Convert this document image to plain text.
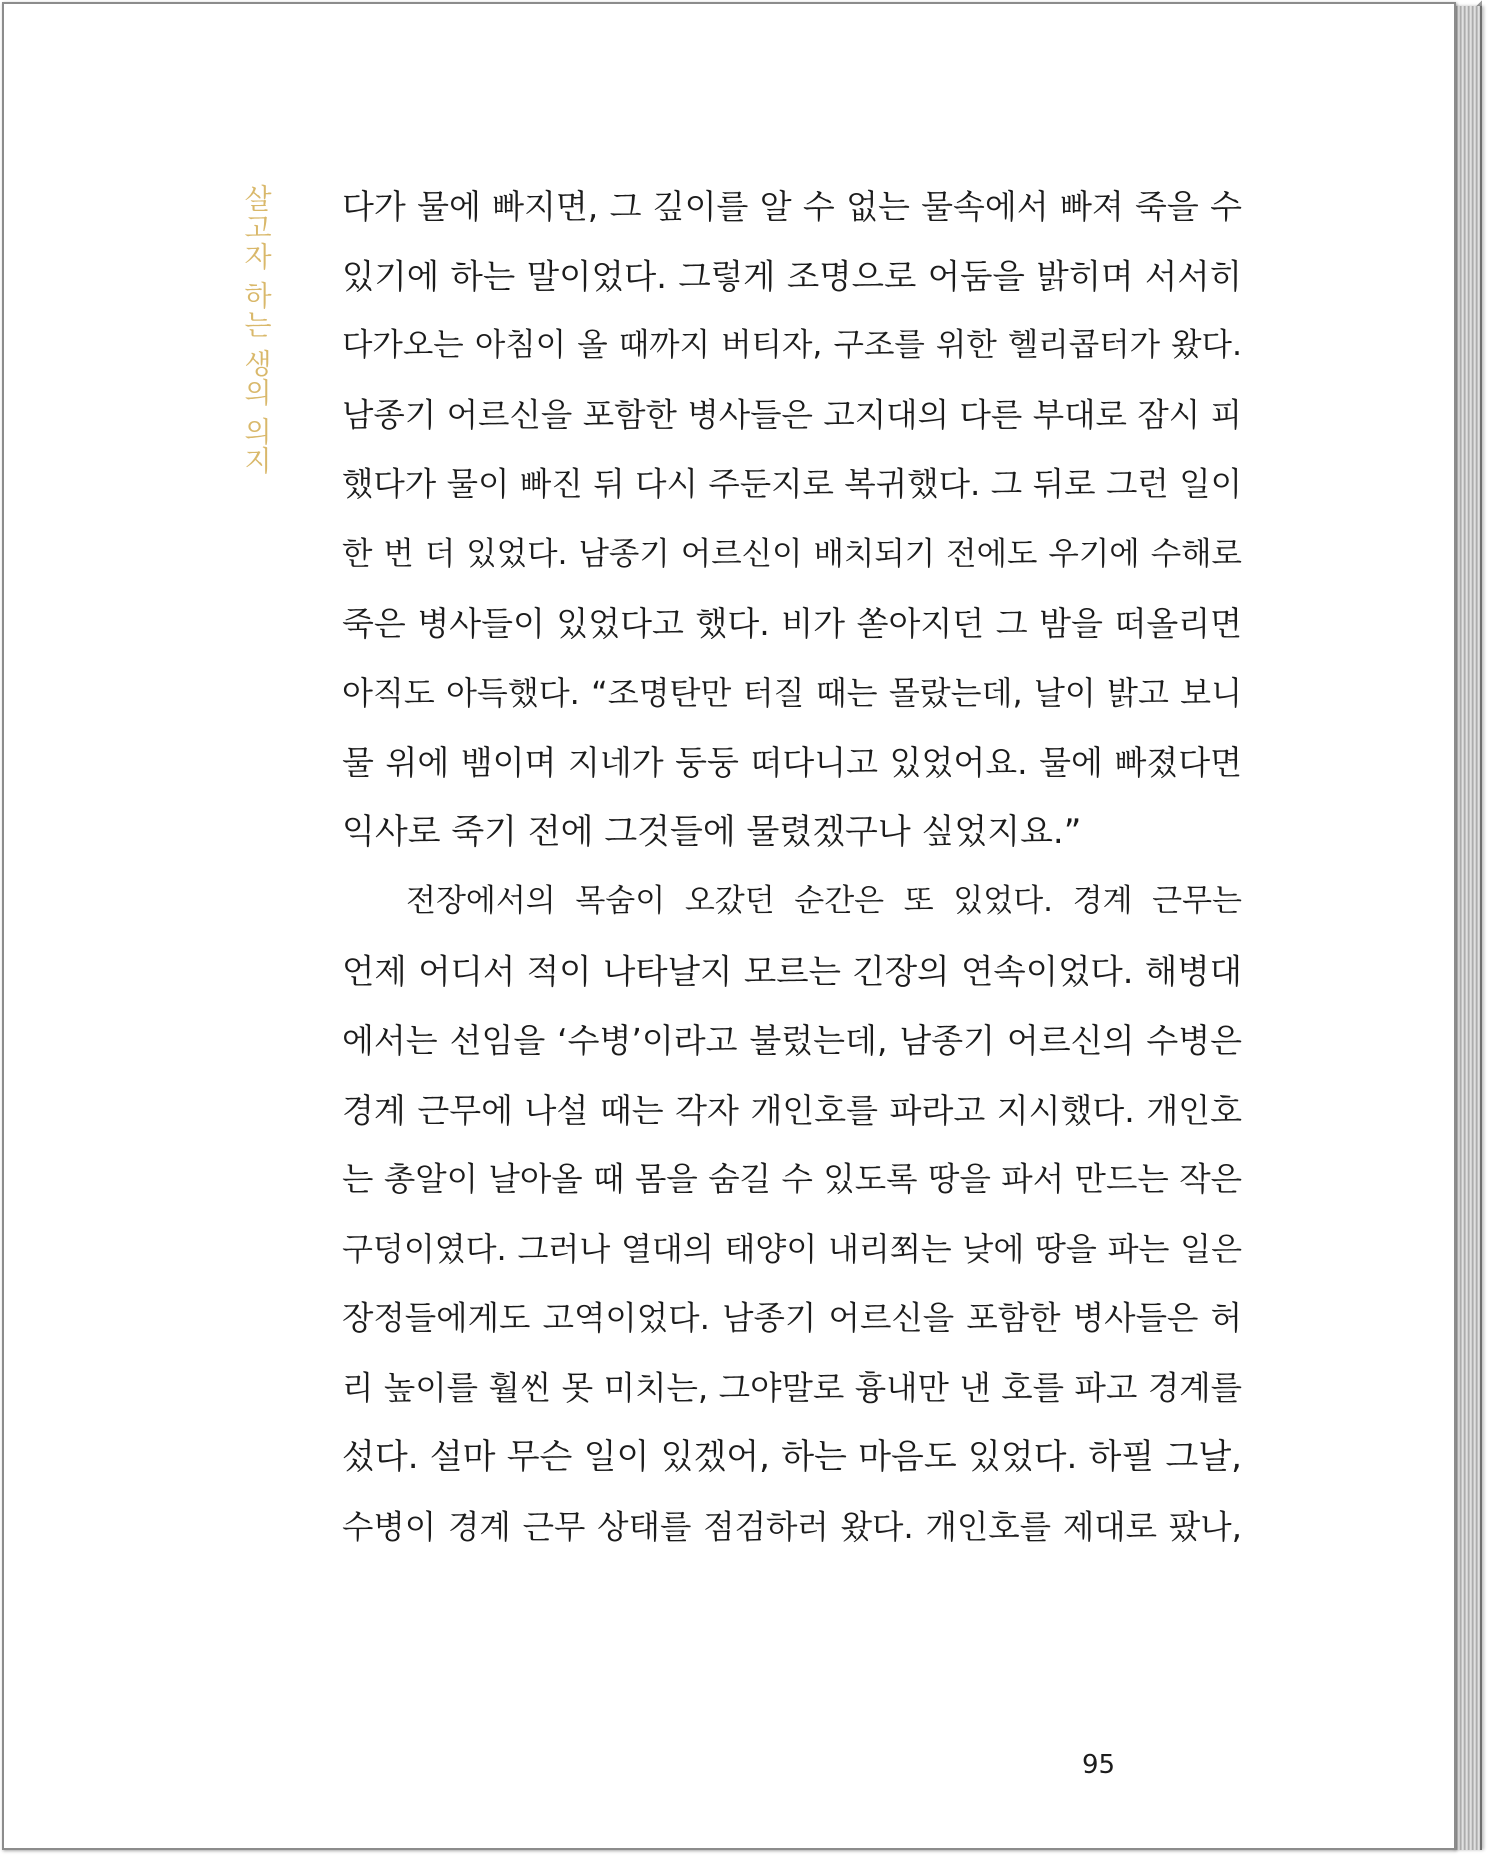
살고자 하는 생의 의지 다가 물에 빠지면, 그 깊이를 알 수 없는 물속에서 빠져 죽을 수
있기에 하는 말이었다. 그렇게 조명으로 어둠을 밝히며 서서히
다가오는 아침이 올 때까지 버티자, 구조를 위한 헬리콥터가 왔다.
남종기 어르신을 포함한 병사들은 고지대의 다른 부대로 잠시 피
했다가 물이 빠진 뒤 다시 주둔지로 복귀했다. 그 뒤로 그런 일이
한 번 더 있었다. 남종기 어르신이 배치되기 전에도 우기에 수해로
죽은 병사들이 있었다고 했다. 비가 쏟아지던 그 밤을 떠올리면
아직도 아득했다. “조명탄만 터질 때는 몰랐는데, 날이 밝고 보니
물 위에 뱀이며 지네가 둥둥 떠다니고 있었어요. 물에 빠졌다면
익사로 죽기 전에 그것들에 물렸겠구나 싶었지요.”
전장에서의 목숨이 오갔던 순간은 또 있었다. 경계 근무는
언제 어디서 적이 나타날지 모르는 긴장의 연속이었다. 해병대
에서는 선임을 ‘수병’이라고 불렀는데, 남종기 어르신의 수병은
경계 근무에 나설 때는 각자 개인호를 파라고 지시했다. 개인호
는 총알이 날아올 때 몸을 숨길 수 있도록 땅을 파서 만드는 작은
구덩이였다. 그러나 열대의 태양이 내리쬐는 낮에 땅을 파는 일은
장정들에게도 고역이었다. 남종기 어르신을 포함한 병사들은 허
리 높이를 훨씬 못 미치는, 그야말로 흉내만 낸 호를 파고 경계를
섰다. 설마 무슨 일이 있겠어, 하는 마음도 있었다. 하필 그날,
수병이 경계 근무 상태를 점검하러 왔다. 개인호를 제대로 팠나,
95
